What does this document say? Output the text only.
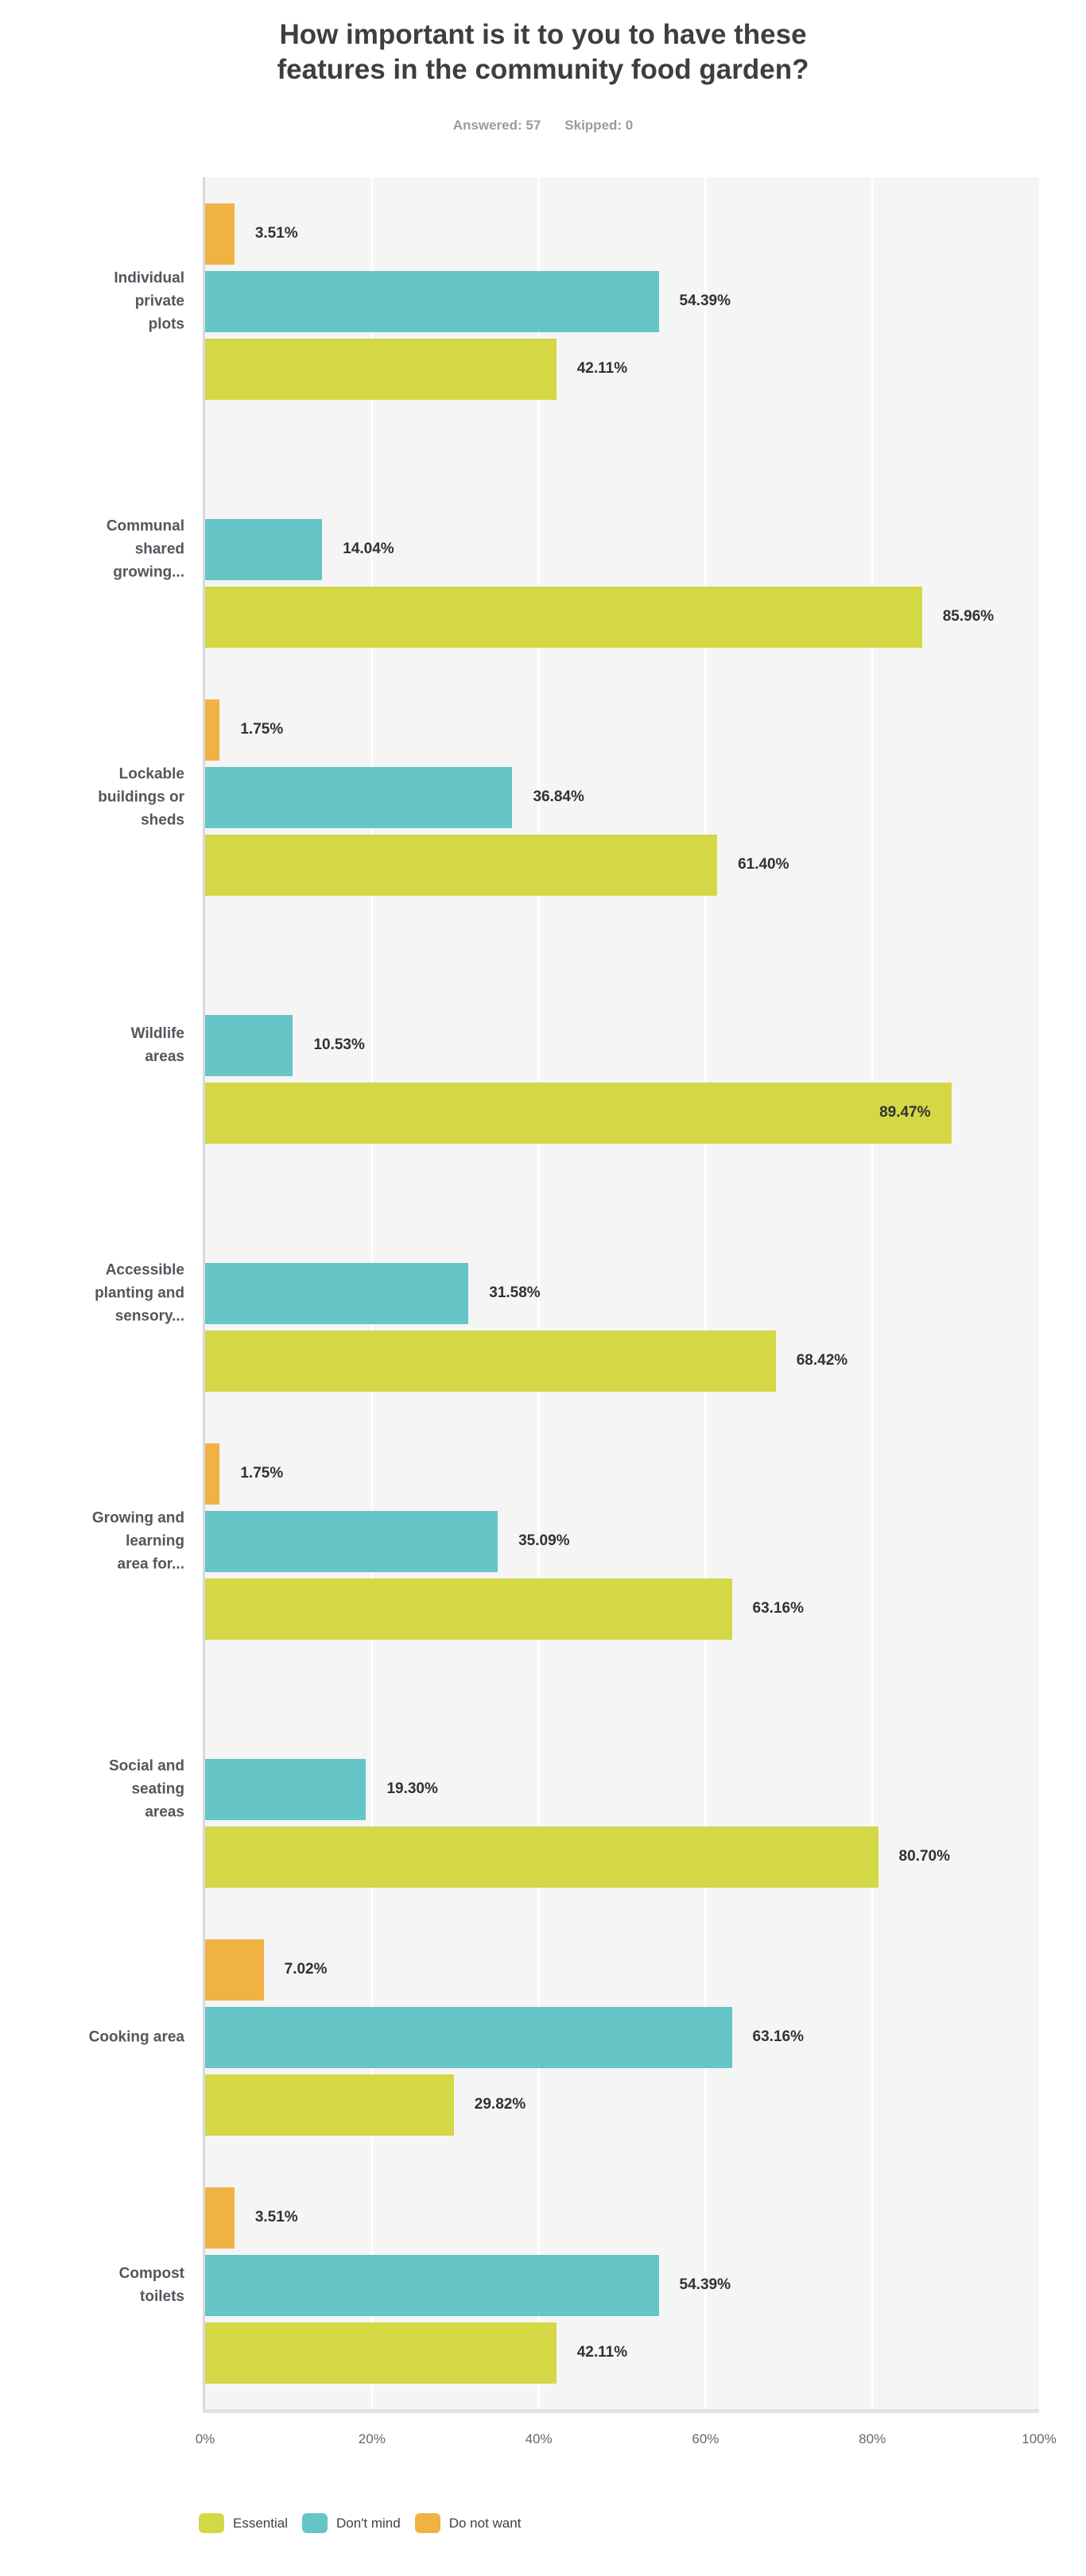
How important is it to you to have these
features in the community food garden?
Answered: 57 Skipped: 0
Individual
private
plots
3.51%
54.39%
42.11%
Communal
shared
growing...
14.04%
85.96%
Lockable
buildings or
sheds
1.75%
36.84%
61.40%
Wildlife
areas
10.53%
89.47%
Accessible
planting and
sensory...
31.58%
68.42%
Growing and
learning
area for...
1.75%
35.09%
63.16%
Social and
seating
areas
19.30%
80.70%
Cooking area
7.02%
63.16%
29.82%
Compost
toilets
3.51%
54.39%
42.11%
0%	20%	40%	60%	80%	100%
Essential	Don't mind	Do not want
